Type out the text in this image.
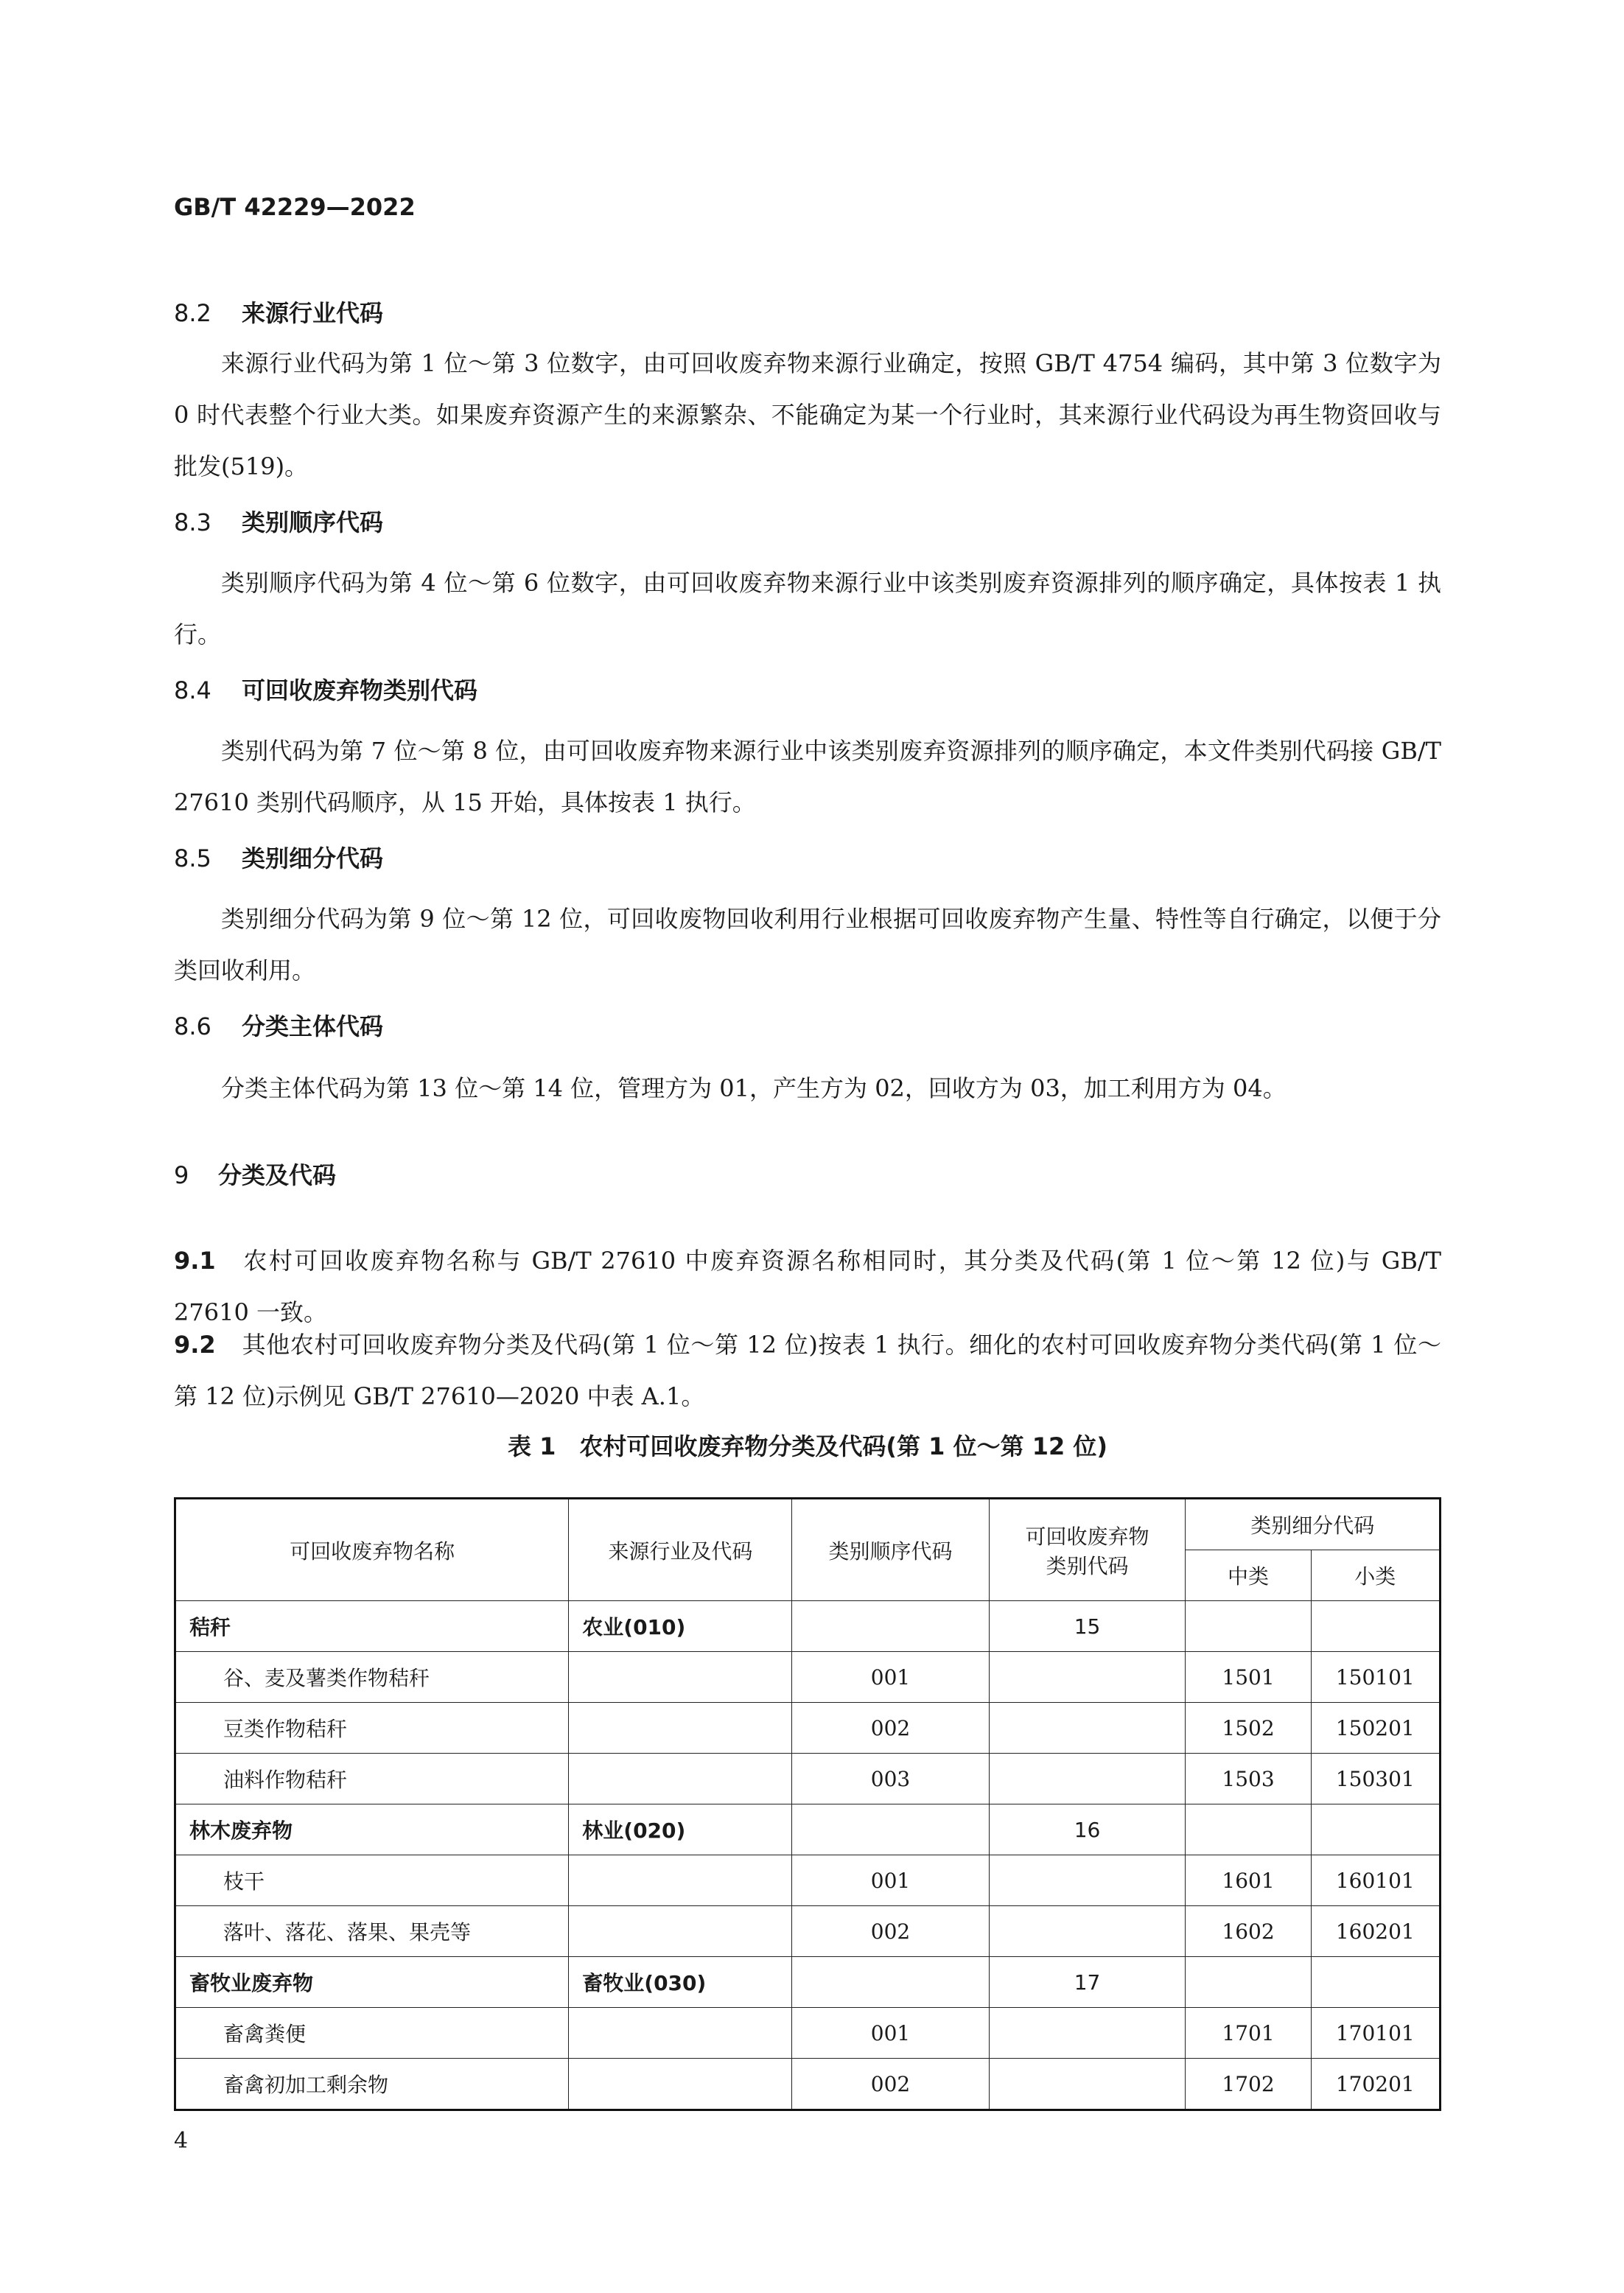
GB/T 42229—2022
8.2 来源行业代码

来源行业代码为第 1 位～第 3 位数字，由可回收废弃物来源行业确定，按照 GB/T 4754 编码，其中第 3 位数字为 0 时代表整个行业大类。如果废弃资源产生的来源繁杂、不能确定为某一个行业时，其来源行业代码设为再生物资回收与批发(519)。

8.3 类别顺序代码

类别顺序代码为第 4 位～第 6 位数字，由可回收废弃物来源行业中该类别废弃资源排列的顺序确定，具体按表 1 执行。

8.4 可回收废弃物类别代码

类别代码为第 7 位～第 8 位，由可回收废弃物来源行业中该类别废弃资源排列的顺序确定，本文件类别代码接 GB/T 27610 类别代码顺序，从 15 开始，具体按表 1 执行。

8.5 类别细分代码

类别细分代码为第 9 位～第 12 位，可回收废物回收利用行业根据可回收废弃物产生量、特性等自行确定，以便于分类回收利用。

8.6 分类主体代码

分类主体代码为第 13 位～第 14 位，管理方为 01，产生方为 02，回收方为 03，加工利用方为 04。

9 分类及代码

9.1 农村可回收废弃物名称与 GB/T 27610 中废弃资源名称相同时，其分类及代码(第 1 位～第 12 位)与 GB/T 27610 一致。

9.2 其他农村可回收废弃物分类及代码(第 1 位～第 12 位)按表 1 执行。细化的农村可回收废弃物分类代码(第 1 位～第 12 位)示例见 GB/T 27610—2020 中表 A.1。

表 1　农村可回收废弃物分类及代码(第 1 位～第 12 位)
可回收废弃物名称	来源行业及代码	类别顺序代码	可回收废弃物
类别代码	类别细分代码	
				中类	小类
秸秆	农业(010)		15		
谷、麦及薯类作物秸秆		001		1501	150101
豆类作物秸秆		002		1502	150201
油料作物秸秆		003		1503	150301
林木废弃物	林业(020)		16		
枝干		001		1601	160101
落叶、落花、落果、果壳等		002		1602	160201
畜牧业废弃物	畜牧业(030)		17		
畜禽粪便		001		1701	170101
畜禽初加工剩余物		002		1702	170201
4
